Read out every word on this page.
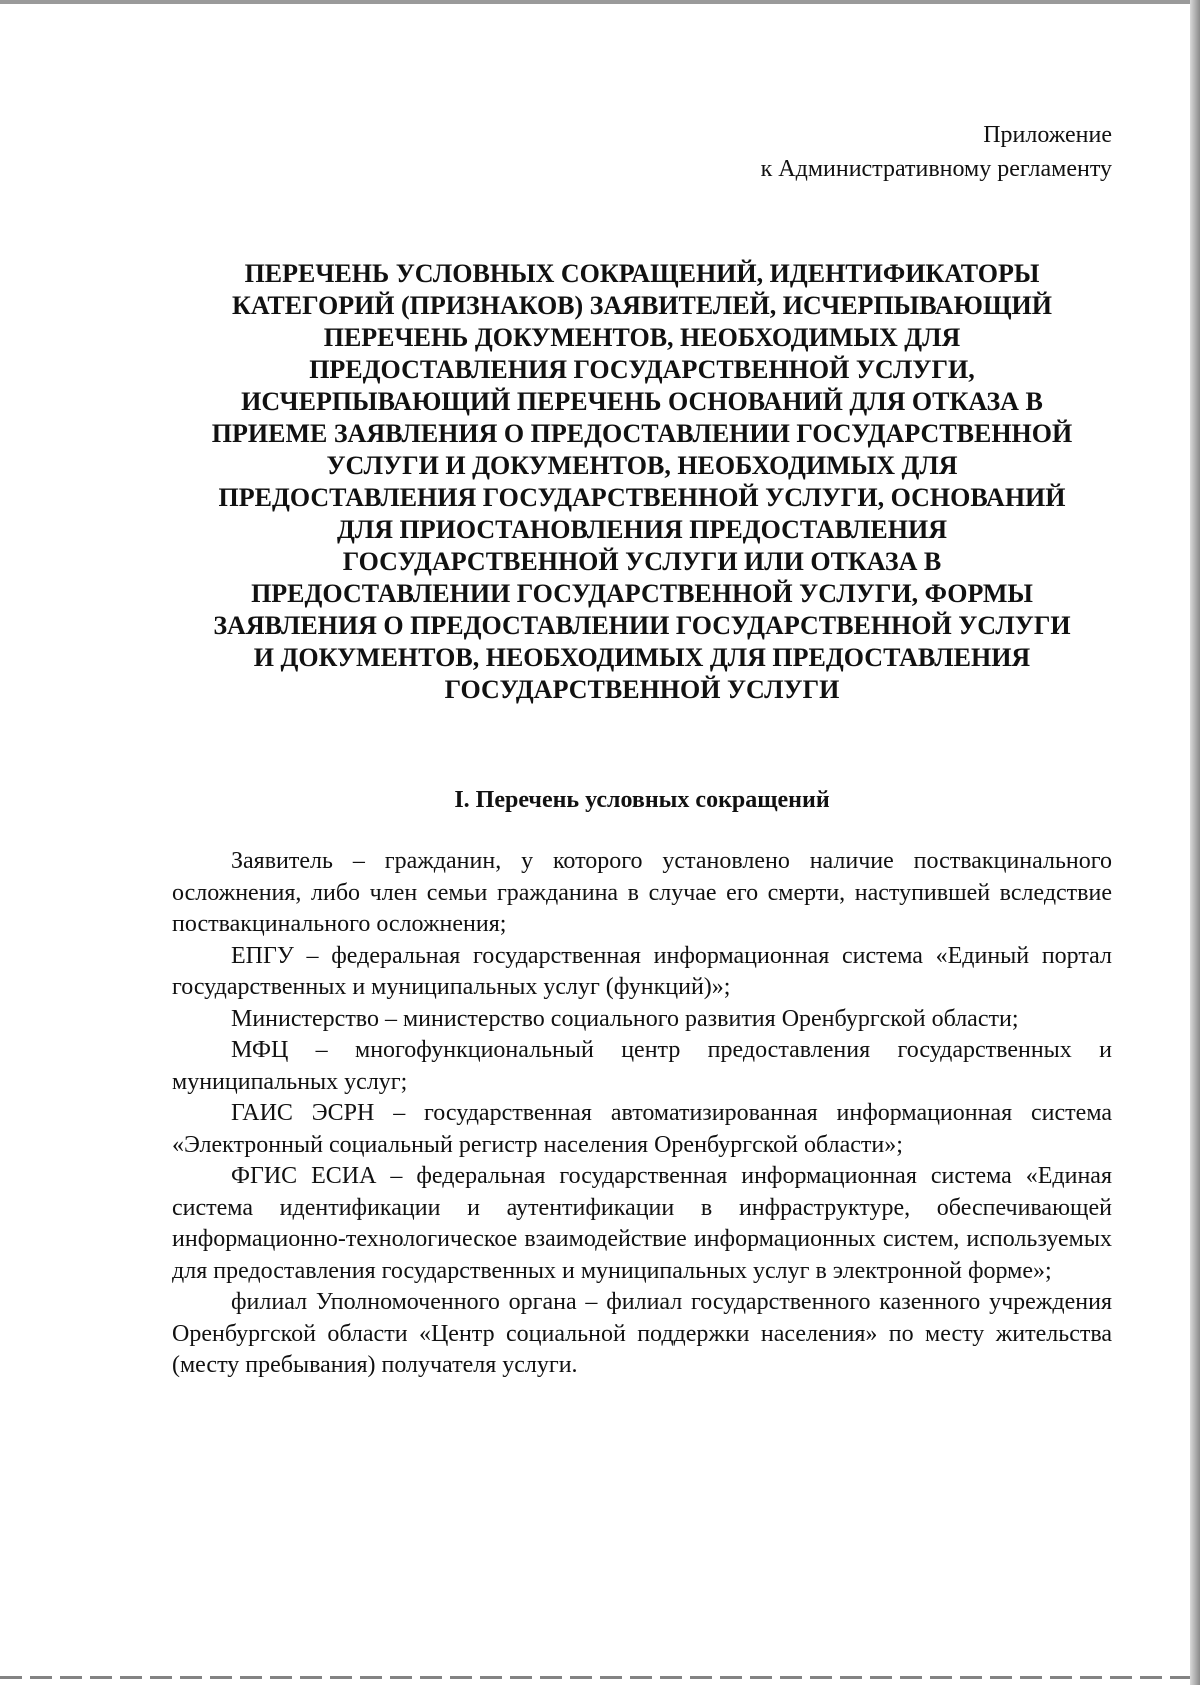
Приложение
к Административному регламенту

ПЕРЕЧЕНЬ УСЛОВНЫХ СОКРАЩЕНИЙ, ИДЕНТИФИКАТОРЫ
КАТЕГОРИЙ (ПРИЗНАКОВ) ЗАЯВИТЕЛЕЙ, ИСЧЕРПЫВАЮЩИЙ
ПЕРЕЧЕНЬ ДОКУМЕНТОВ, НЕОБХОДИМЫХ ДЛЯ
ПРЕДОСТАВЛЕНИЯ ГОСУДАРСТВЕННОЙ УСЛУГИ,
ИСЧЕРПЫВАЮЩИЙ ПЕРЕЧЕНЬ ОСНОВАНИЙ ДЛЯ ОТКАЗА В
ПРИЕМЕ ЗАЯВЛЕНИЯ О ПРЕДОСТАВЛЕНИИ ГОСУДАРСТВЕННОЙ
УСЛУГИ И ДОКУМЕНТОВ, НЕОБХОДИМЫХ ДЛЯ
ПРЕДОСТАВЛЕНИЯ ГОСУДАРСТВЕННОЙ УСЛУГИ, ОСНОВАНИЙ
ДЛЯ ПРИОСТАНОВЛЕНИЯ ПРЕДОСТАВЛЕНИЯ
ГОСУДАРСТВЕННОЙ УСЛУГИ ИЛИ ОТКАЗА В
ПРЕДОСТАВЛЕНИИ ГОСУДАРСТВЕННОЙ УСЛУГИ, ФОРМЫ
ЗАЯВЛЕНИЯ О ПРЕДОСТАВЛЕНИИ ГОСУДАРСТВЕННОЙ УСЛУГИ
И ДОКУМЕНТОВ, НЕОБХОДИМЫХ ДЛЯ ПРЕДОСТАВЛЕНИЯ
ГОСУДАРСТВЕННОЙ УСЛУГИ
I. Перечень условных сокращений

Заявитель – гражданин, у которого установлено наличие поствакцинального осложнения, либо член семьи гражданина в случае его смерти, наступившей вследствие поствакцинального осложнения;

ЕПГУ – федеральная государственная информационная система «Единый портал государственных и муниципальных услуг (функций)»;

Министерство – министерство социального развития Оренбургской области;

МФЦ – многофункциональный центр предоставления государственных и муниципальных услуг;

ГАИС ЭСРН – государственная автоматизированная информационная система «Электронный социальный регистр населения Оренбургской области»;

ФГИС ЕСИА – федеральная государственная информационная система «Единая система идентификации и аутентификации в инфраструктуре, обеспечивающей информационно-технологическое взаимодействие информационных систем, используемых для предоставления государственных и муниципальных услуг в электронной форме»;

филиал Уполномоченного органа – филиал государственного казенного учреждения Оренбургской области «Центр социальной поддержки населения» по месту жительства (месту пребывания) получателя услуги.
